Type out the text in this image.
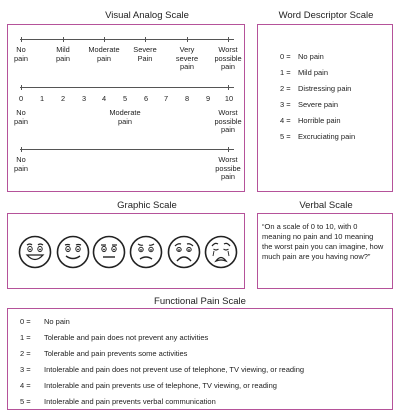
Visual Analog Scale	Word Descriptor Scale
Graphic Scale	Verbal Scale
Functional Pain Scale
No
pain
Mild
pain
Moderate
pain
Severe
Pain
Very
severe
pain
Worst
possible
pain
0	1	2	3	4	5	6	7	8	9	10
No
pain
Moderate
pain
Worst
possible
pain
No
pain
Worst
possibe
pain
0 = No pain
1 = Mild pain
2 = Distressing pain
3 = Severe pain
4 = Horrible pain
5 = Excruciating pain
“On a scale of 0 to 10, with 0 meaning no pain and 10 meaning the worst pain you can imagine, how much pain are you having now?”
0 = No pain
1 = Tolerable and pain does not prevent any activities
2 = Tolerable and pain prevents some activities
3 = Intolerable and pain does not prevent use of telephone, TV viewing, or reading
4 = Intolerable and pain prevents use of telephone, TV viewing, or reading
5 = Intolerable and pain prevents verbal communication
